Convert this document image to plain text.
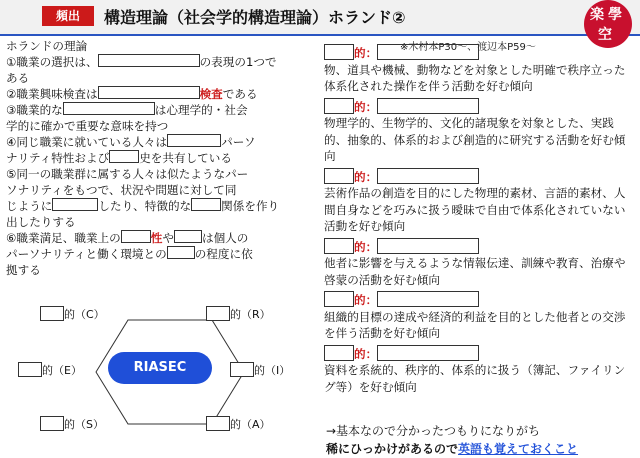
頻出	構造理論（社会学的構造理論）ホランド②	楽 學
空
※木村本P30～、渡辺本P59～

ホランドの理論

①職業の選択は、	の表現の1つで

ある

②職業興味検査は	検査である

③職業的な	は心理学的・社会

学的に確かで重要な意味を持つ

④同じ職業に就いている人々は	パーソ

ナリティ特性および	史を共有している

⑤同一の職業群に属する人々は似たようなパー

ソナリティをもつで、状況や問題に対して同

じように	したり、特徴的な	関係を作り

出したりする

⑥職業満足、職業上の	性や は個人の

パーソナリティと働く環境との の程度に依

拠する

RIASEC
的（C）	的（R）
的（E）	的（I）
的（S）	的（A）
的：

物、道具や機械、動物などを対象とした明確で秩序立った体系化された操作を伴う活動を好む傾向

的：

物理学的、生物学的、文化的諸現象を対象とした、実践的、抽象的、体系的および創造的に研究する活動を好む傾向

的：

芸術作品の創造を目的にした物理的素材、言語的素材、人間自身などを巧みに扱う曖昧で自由で体系化されていない活動を好む傾向

的：

他者に影響を与えるような情報伝達、訓練や教育、治療や啓蒙の活動を好む傾向

的：

組織的目標の達成や経済的利益を目的とした他者との交渉を伴う活動を好む傾向

的：

資料を系統的、秩序的、体系的に扱う（簿記、ファイリング等）を好む傾向

→基本なので分かったつもりになりがち
稀にひっかけがあるので英語も覚えておくこと
